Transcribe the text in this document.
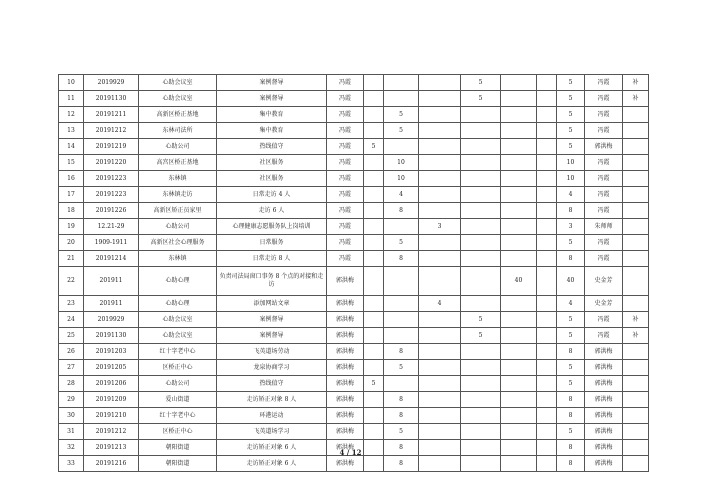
10	2019929	心助会议室	案例督导	冯霞				5			5	冯霞	补
11	20191130	心助会议室	案例督导	冯霞				5			5	冯霞	补
12	20191211	高新区桥正基地	集中教育	冯霞		5					5	冯霞	
13	20191212	东林司法所	集中教育	冯霞		5					5	冯霞	
14	20191219	心助公司	热线值守	冯霞	5						5	郭洪梅	
15	20191220	高宫区桥正基地	社区服务	冯霞		10					10	冯霞	
16	20191223	东林镇	社区服务	冯霞		10					10	冯霞	
17	20191223	东林镇走访	日常走访 4 人	冯霞		4					4	冯霞	
18	20191226	高新区矫正员家里	走访 6 人	冯霞		8					8	冯霞	
19	12.21-29	心助公司	心理健康志愿服务队上岗培训	冯霞			3				3	朱师师	
20	1909-1911	高新区社会心理服务	日常服务	冯霞		5					5	冯霞	
21	20191214	东林镇	日常走访 8 人	冯霞		8					8	冯霞	
22	201911	心助心理	负责司法局窗口事务 8 个点的对接和走访	郭洪梅					40		40	史金芳	
23	201911	心助心理	添加网站文章	郭洪梅			4				4	史金芳	
24	2019929	心助会议室	案例督导	郭洪梅				5			5	冯霞	补
25	20191130	心助会议室	案例督导	郭洪梅				5			5	冯霞	补
26	20191203	红十字老中心	飞英道场劳动	郭洪梅		8					8	郭洪梅	
27	20191205	区桥正中心	龙泉协商学习	郭洪梅		5					5	郭洪梅	
28	20191206	心助公司	热线值守	郭洪梅	5						5	郭洪梅	
29	20191209	爱山街道	走访矫正对象 8 人	郭洪梅		8					8	郭洪梅	
30	20191210	红十字老中心	环港运动	郭洪梅		8					8	郭洪梅	
31	20191212	区桥正中心	飞英道场学习	郭洪梅		5					5	郭洪梅	
32	20191213	朝阳街道	走访矫正对象 6 人	郭洪梅		8					8	郭洪梅	
33	20191216	朝阳街道	走访矫正对象 6 人	郭洪梅		8					8	郭洪梅	
4 / 12
